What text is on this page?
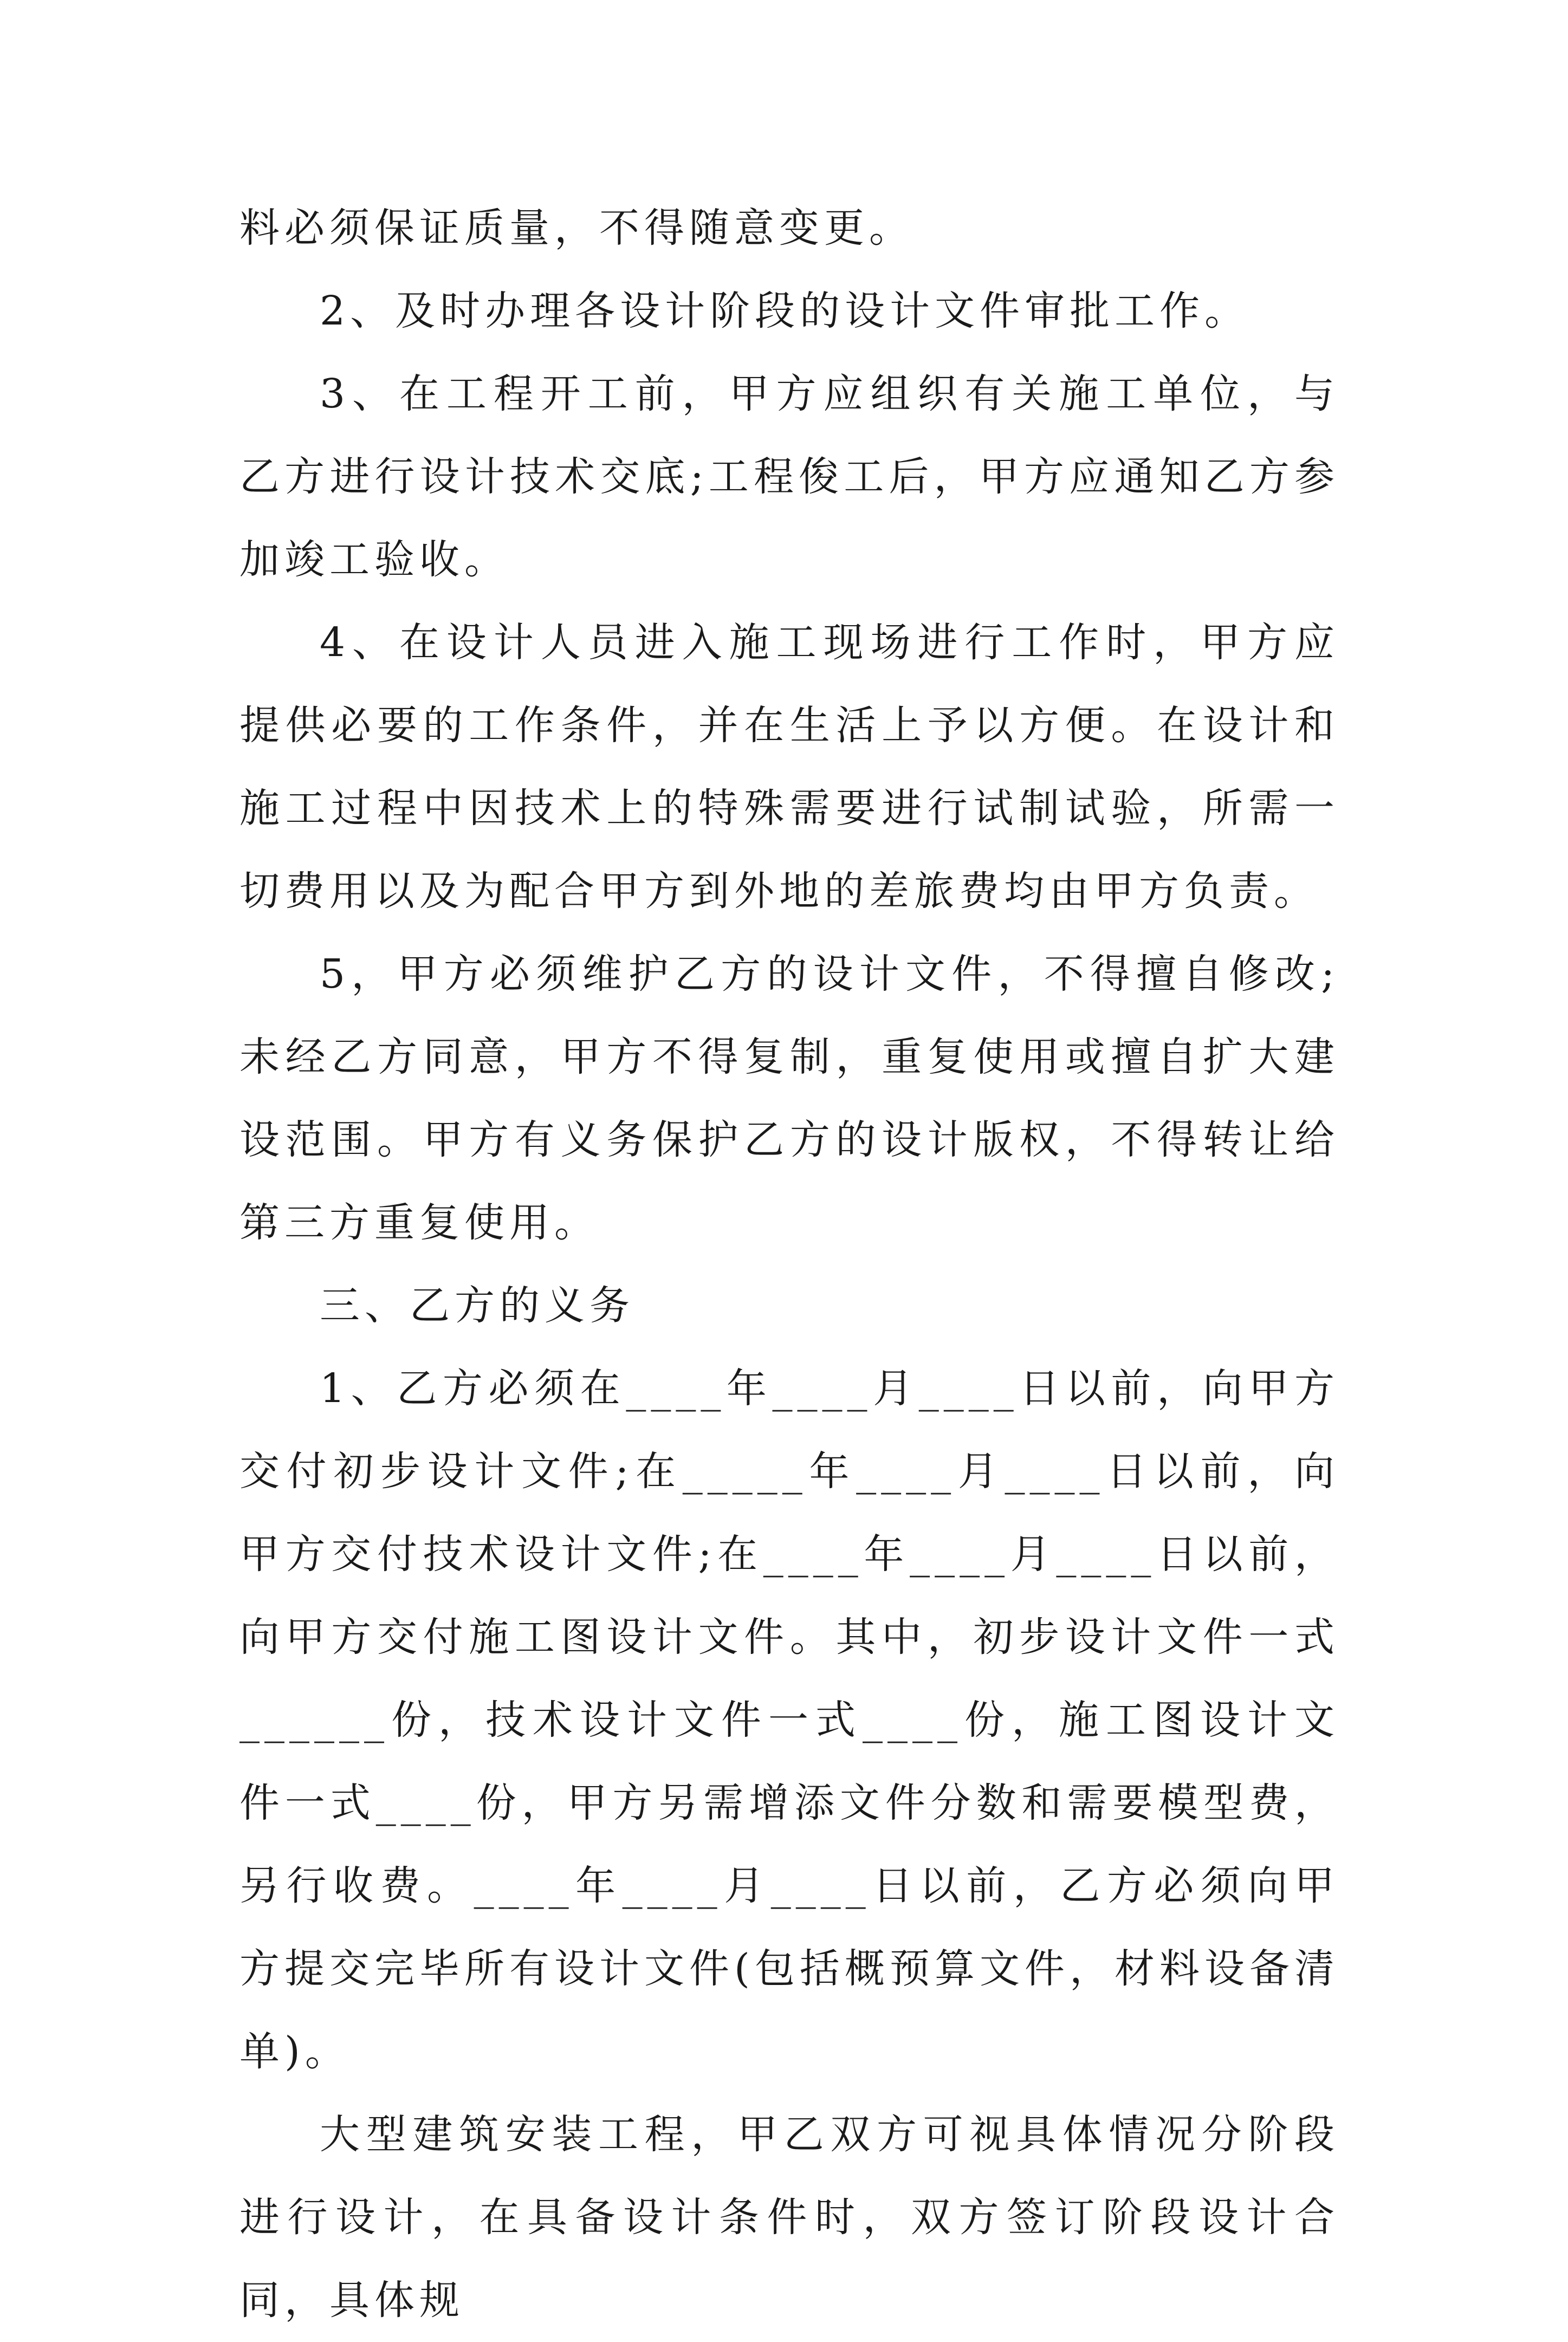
料必须保证质量，不得随意变更。

2、及时办理各设计阶段的设计文件审批工作。

3、在工程开工前，甲方应组织有关施工单位，与乙方进行设计技术交底;工程俊工后，甲方应通知乙方参加竣工验收。

4、在设计人员进入施工现场进行工作时，甲方应提供必要的工作条件，并在生活上予以方便。在设计和施工过程中因技术上的特殊需要进行试制试验，所需一切费用以及为配合甲方到外地的差旅费均由甲方负责。

5，甲方必须维护乙方的设计文件，不得擅自修改;未经乙方同意，甲方不得复制，重复使用或擅自扩大建设范围。甲方有义务保护乙方的设计版权，不得转让给第三方重复使用。

三、乙方的义务

1、乙方必须在____年____月____日以前，向甲方交付初步设计文件;在_____年____月____日以前，向甲方交付技术设计文件;在____年____月____日以前，向甲方交付施工图设计文件。其中，初步设计文件一式______份，技术设计文件一式____份，施工图设计文件一式____份，甲方另需增添文件分数和需要模型费，另行收费。____年____月____日以前，乙方必须向甲方提交完毕所有设计文件(包括概预算文件，材料设备清单)。

大型建筑安装工程，甲乙双方可视具体情况分阶段进行设计，在具备设计条件时，双方签订阶段设计合同，具体规
